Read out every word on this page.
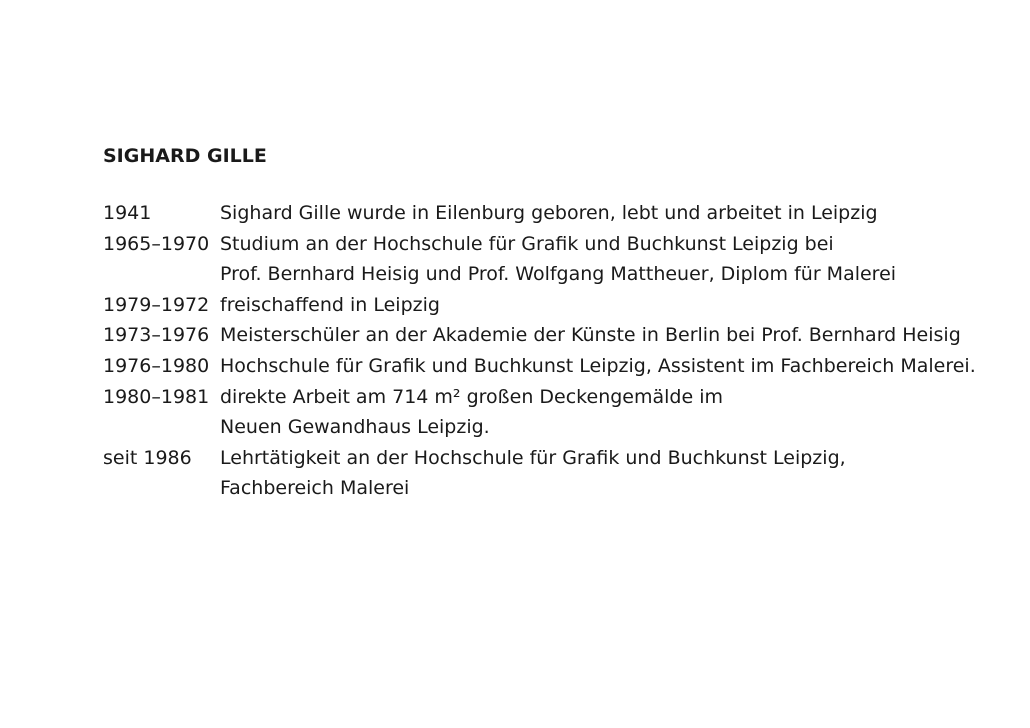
SIGHARD GILLE
1941	Sighard Gille wurde in Eilenburg geboren, lebt und arbeitet in Leipzig
1965–1970 Studium an der Hochschule für Grafik und Buchkunst Leipzig bei
Prof. Bernhard Heisig und Prof. Wolfgang Mattheuer, Diplom für Malerei
1979–1972 freischaffend in Leipzig
1973–1976 Meisterschüler an der Akademie der Künste in Berlin bei Prof. Bernhard Heisig
1976–1980 Hochschule für Grafik und Buchkunst Leipzig, Assistent im Fachbereich Malerei.
1980–1981 direkte Arbeit am 714 m² großen Deckengemälde im
Neuen Gewandhaus Leipzig.
seit 1986	Lehrtätigkeit an der Hochschule für Grafik und Buchkunst Leipzig,
Fachbereich Malerei
